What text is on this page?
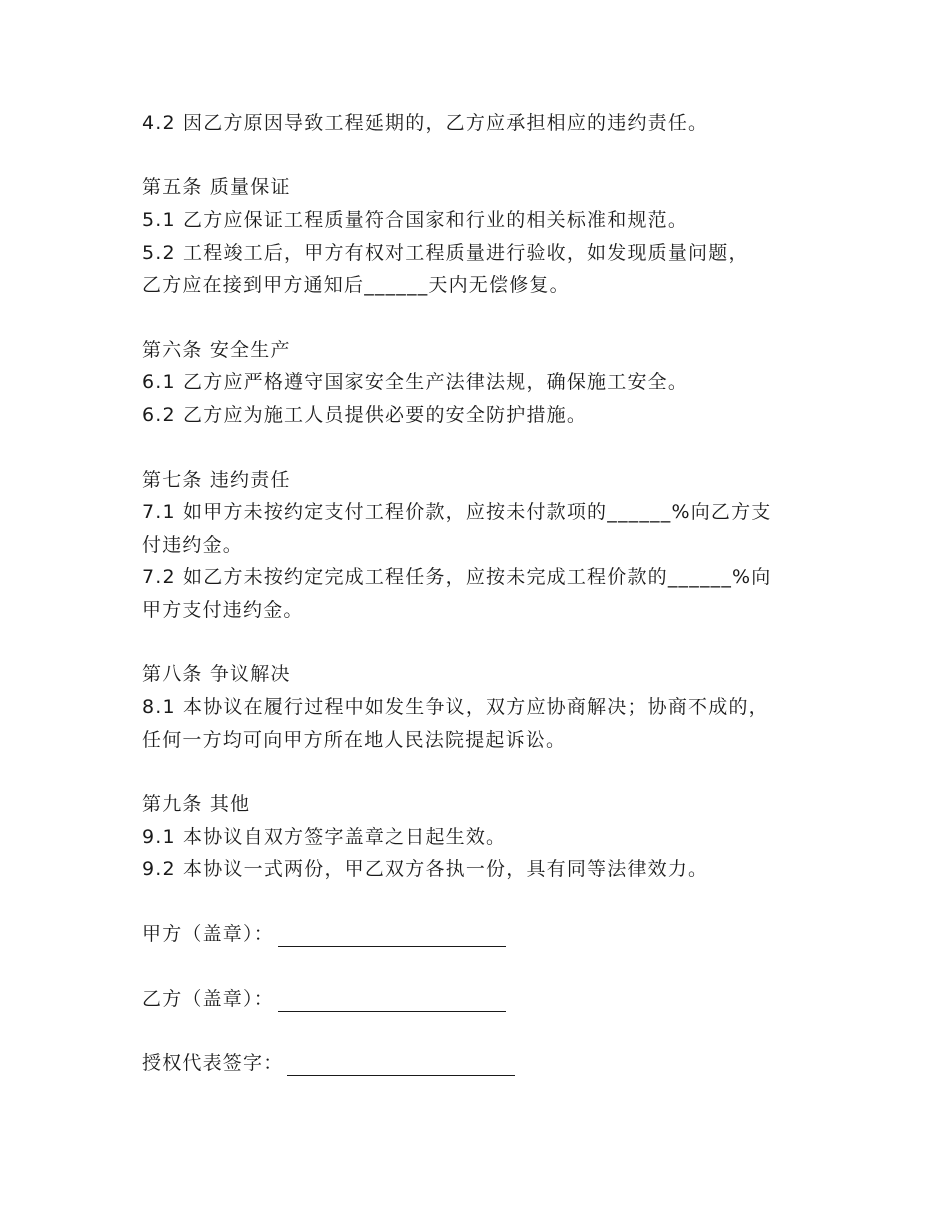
4.2 因乙方原因导致工程延期的，乙方应承担相应的违约责任。
第五条 质量保证
5.1 乙方应保证工程质量符合国家和行业的相关标准和规范。
5.2 工程竣工后，甲方有权对工程质量进行验收，如发现质量问题，
乙方应在接到甲方通知后______天内无偿修复。
第六条 安全生产
6.1 乙方应严格遵守国家安全生产法律法规，确保施工安全。
6.2 乙方应为施工人员提供必要的安全防护措施。
第七条 违约责任
7.1 如甲方未按约定支付工程价款，应按未付款项的______%向乙方支
付违约金。
7.2 如乙方未按约定完成工程任务，应按未完成工程价款的______%向
甲方支付违约金。
第八条 争议解决
8.1 本协议在履行过程中如发生争议，双方应协商解决；协商不成的，
任何一方均可向甲方所在地人民法院提起诉讼。
第九条 其他
9.1 本协议自双方签字盖章之日起生效。
9.2 本协议一式两份，甲乙双方各执一份，具有同等法律效力。
甲方（盖章）：
乙方（盖章）：
授权代表签字：
